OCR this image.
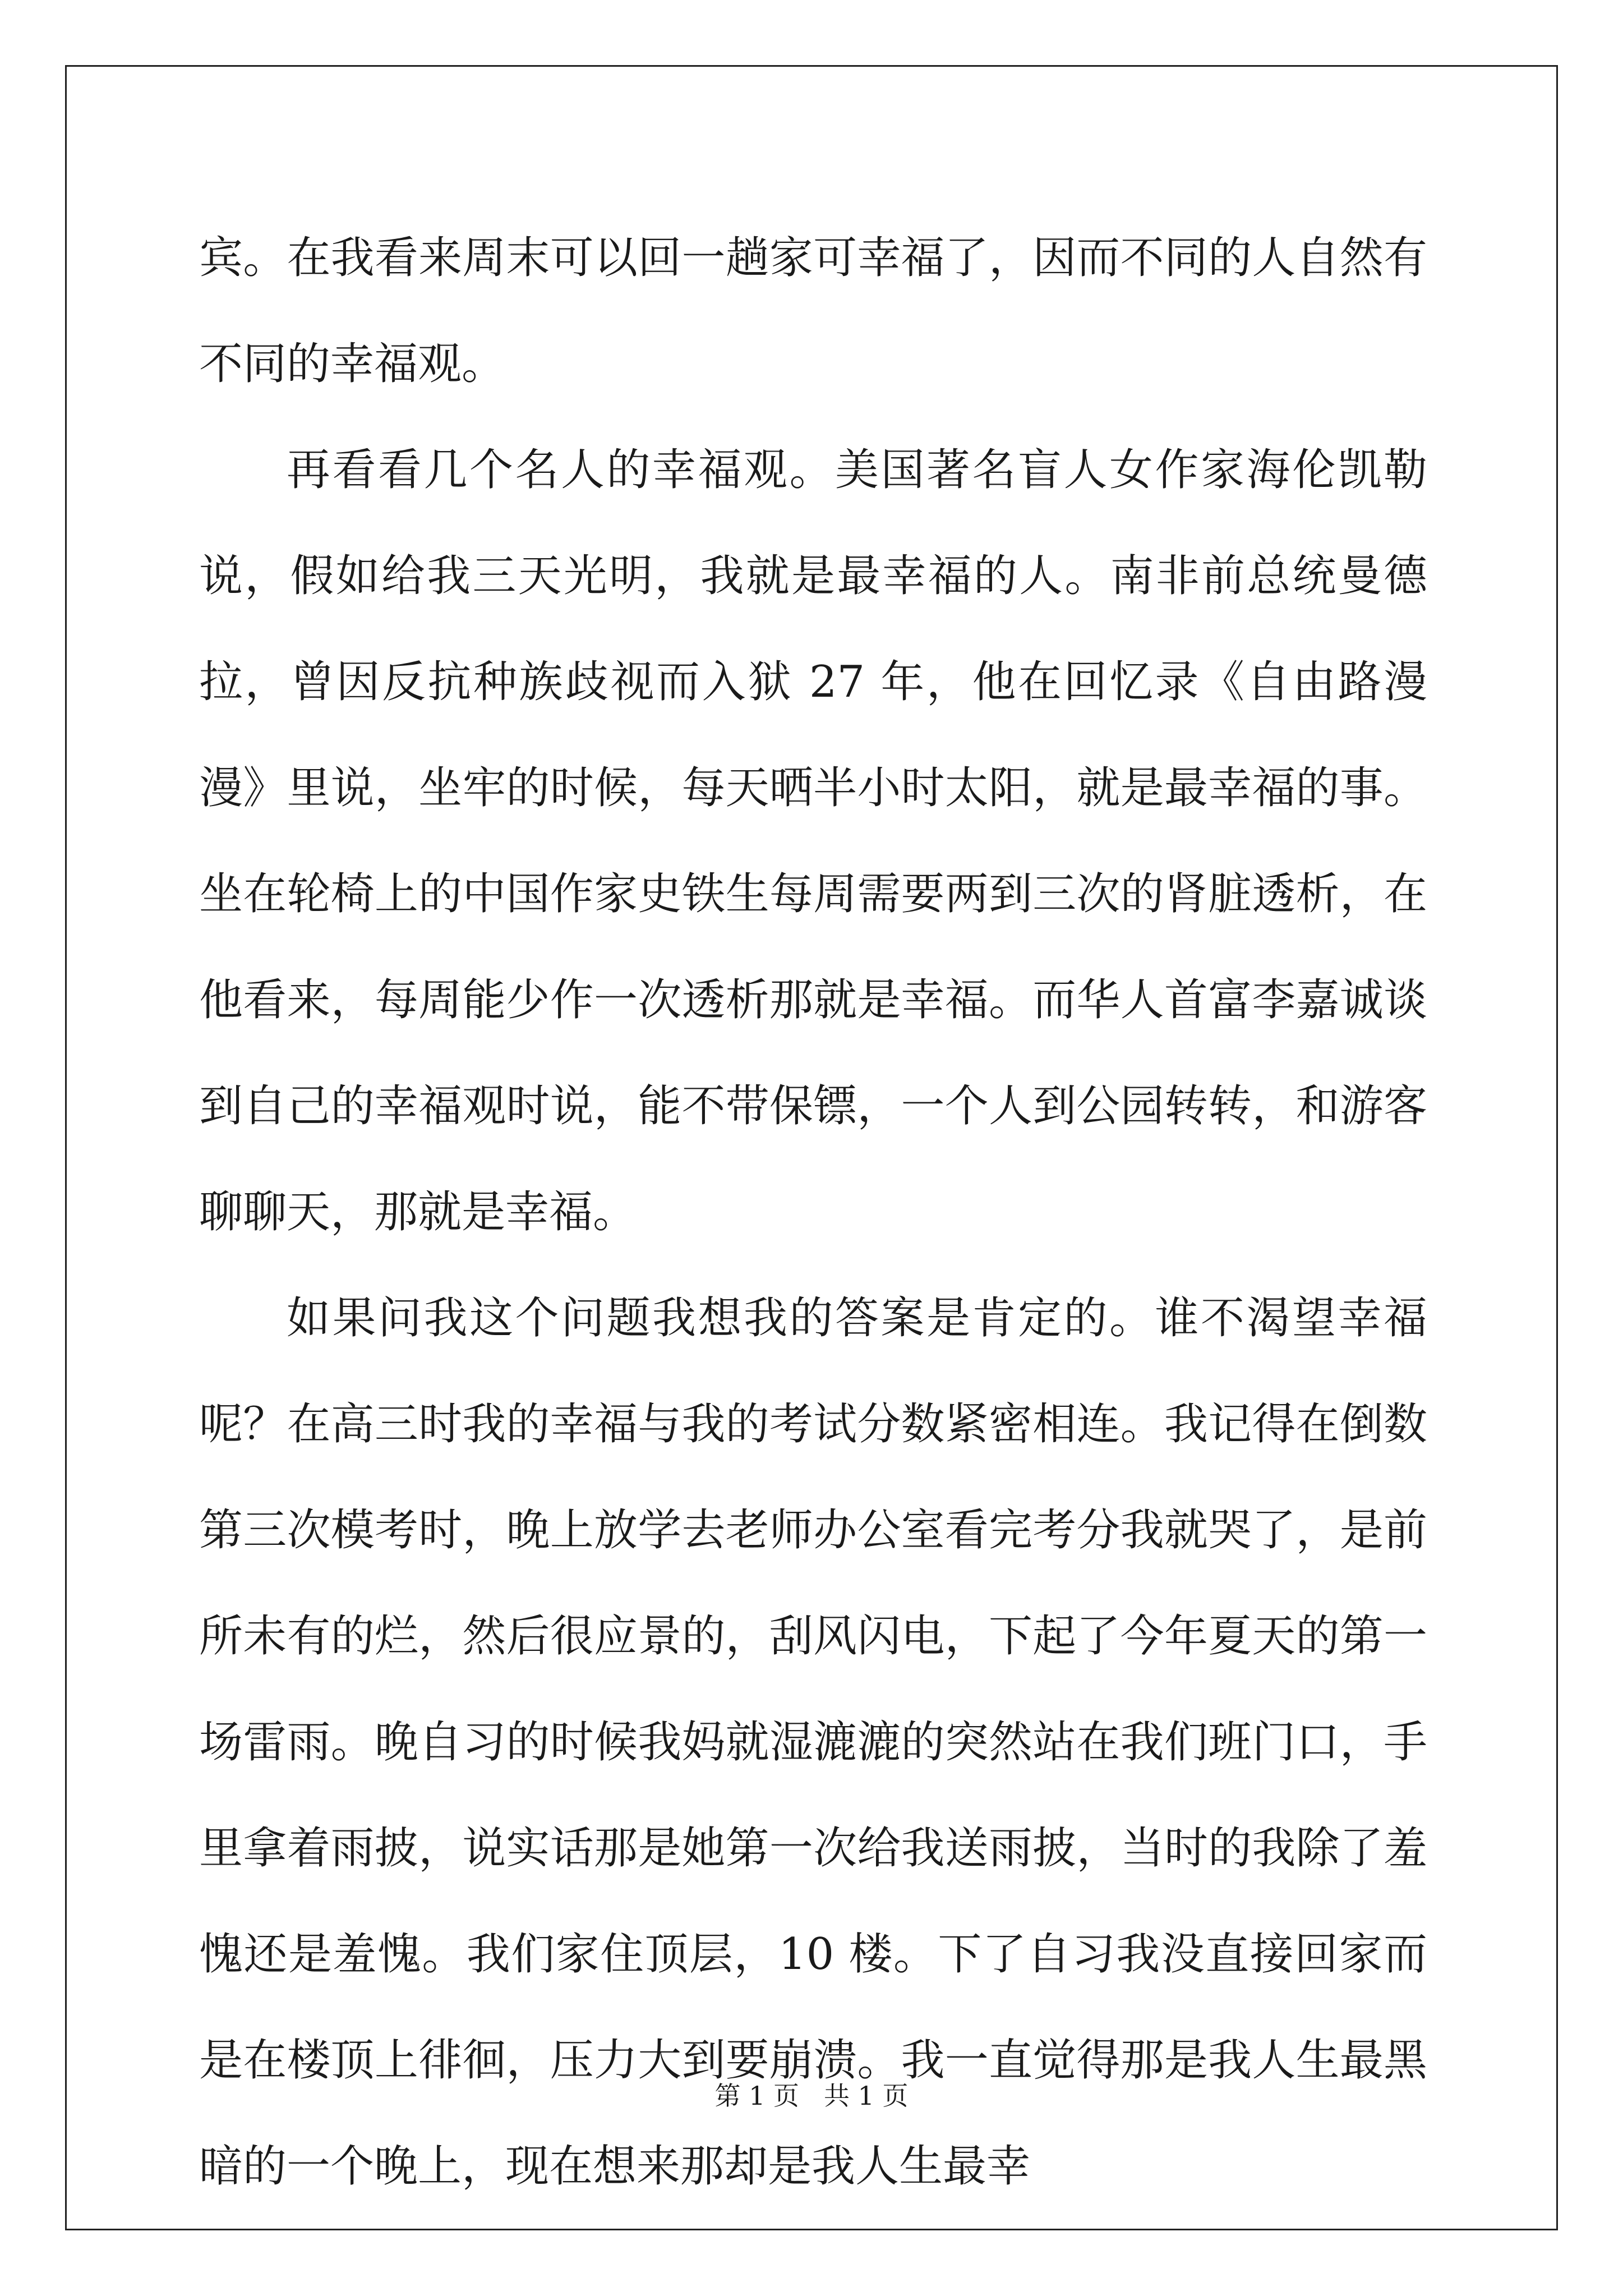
宾。在我看来周末可以回一趟家可幸福了，因而不同的人自然有不同的幸福观。

再看看几个名人的幸福观。美国著名盲人女作家海伦凯勒说，假如给我三天光明，我就是最幸福的人。南非前总统曼德拉，曾因反抗种族歧视而入狱 27 年，他在回忆录《自由路漫漫》里说，坐牢的时候，每天晒半小时太阳，就是最幸福的事。坐在轮椅上的中国作家史铁生每周需要两到三次的肾脏透析，在他看来，每周能少作一次透析那就是幸福。而华人首富李嘉诚谈到自己的幸福观时说，能不带保镖，一个人到公园转转，和游客聊聊天，那就是幸福。

如果问我这个问题我想我的答案是肯定的。谁不渴望幸福呢？在高三时我的幸福与我的考试分数紧密相连。我记得在倒数第三次模考时，晚上放学去老师办公室看完考分我就哭了，是前所未有的烂，然后很应景的，刮风闪电，下起了今年夏天的第一场雷雨。晚自习的时候我妈就湿漉漉的突然站在我们班门口，手里拿着雨披，说实话那是她第一次给我送雨披，当时的我除了羞愧还是羞愧。我们家住顶层，10 楼。下了自习我没直接回家而是在楼顶上徘徊，压力大到要崩溃。我一直觉得那是我人生最黑暗的一个晚上，现在想来那却是我人生最幸

第 1 页 共 1 页
